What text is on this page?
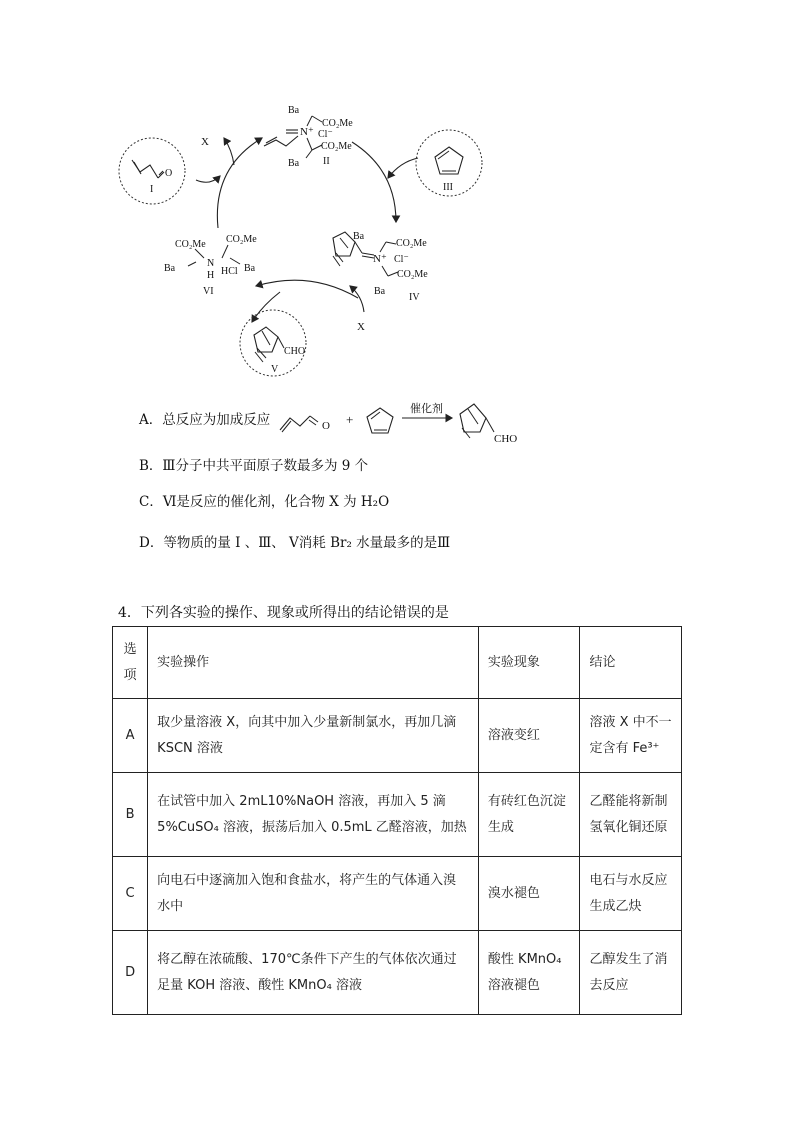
X
X
O
I
N⁺ Cl⁻
Ba
CO₂Me
CO₂Me
Ba II
III
N⁺ Cl⁻
Ba
CO₂Me
CO₂Me
Ba
IV
CO₂Me CO₂Me
N
H
Ba	HCl Ba
VI
CHO
V
A．总反应为加成反应	O +
催化剂
CHO
B．Ⅲ分子中共平面原子数最多为 9 个
C．Ⅵ是反应的催化剂，化合物 X 为 H₂O
D．等物质的量 Ⅰ 、Ⅲ、 Ⅴ消耗 Br₂ 水量最多的是Ⅲ
4．下列各实验的操作、现象或所得出的结论错误的是
选项	实验操作	实验现象	结论
A	取少量溶液 X，向其中加入少量新制氯水，再加几滴 KSCN 溶液	溶液变红	溶液 X 中不一定含有 Fe³⁺
B	在试管中加入 2mL10%NaOH 溶液，再加入 5 滴 5%CuSO₄ 溶液，振荡后加入 0.5mL 乙醛溶液，加热	有砖红色沉淀生成	乙醛能将新制氢氧化铜还原
C	向电石中逐滴加入饱和食盐水，将产生的气体通入溴水中	溴水褪色	电石与水反应生成乙炔
D	将乙醇在浓硫酸、170℃条件下产生的气体依次通过足量 KOH 溶液、酸性 KMnO₄ 溶液	酸性 KMnO₄ 溶液褪色	乙醇发生了消去反应
